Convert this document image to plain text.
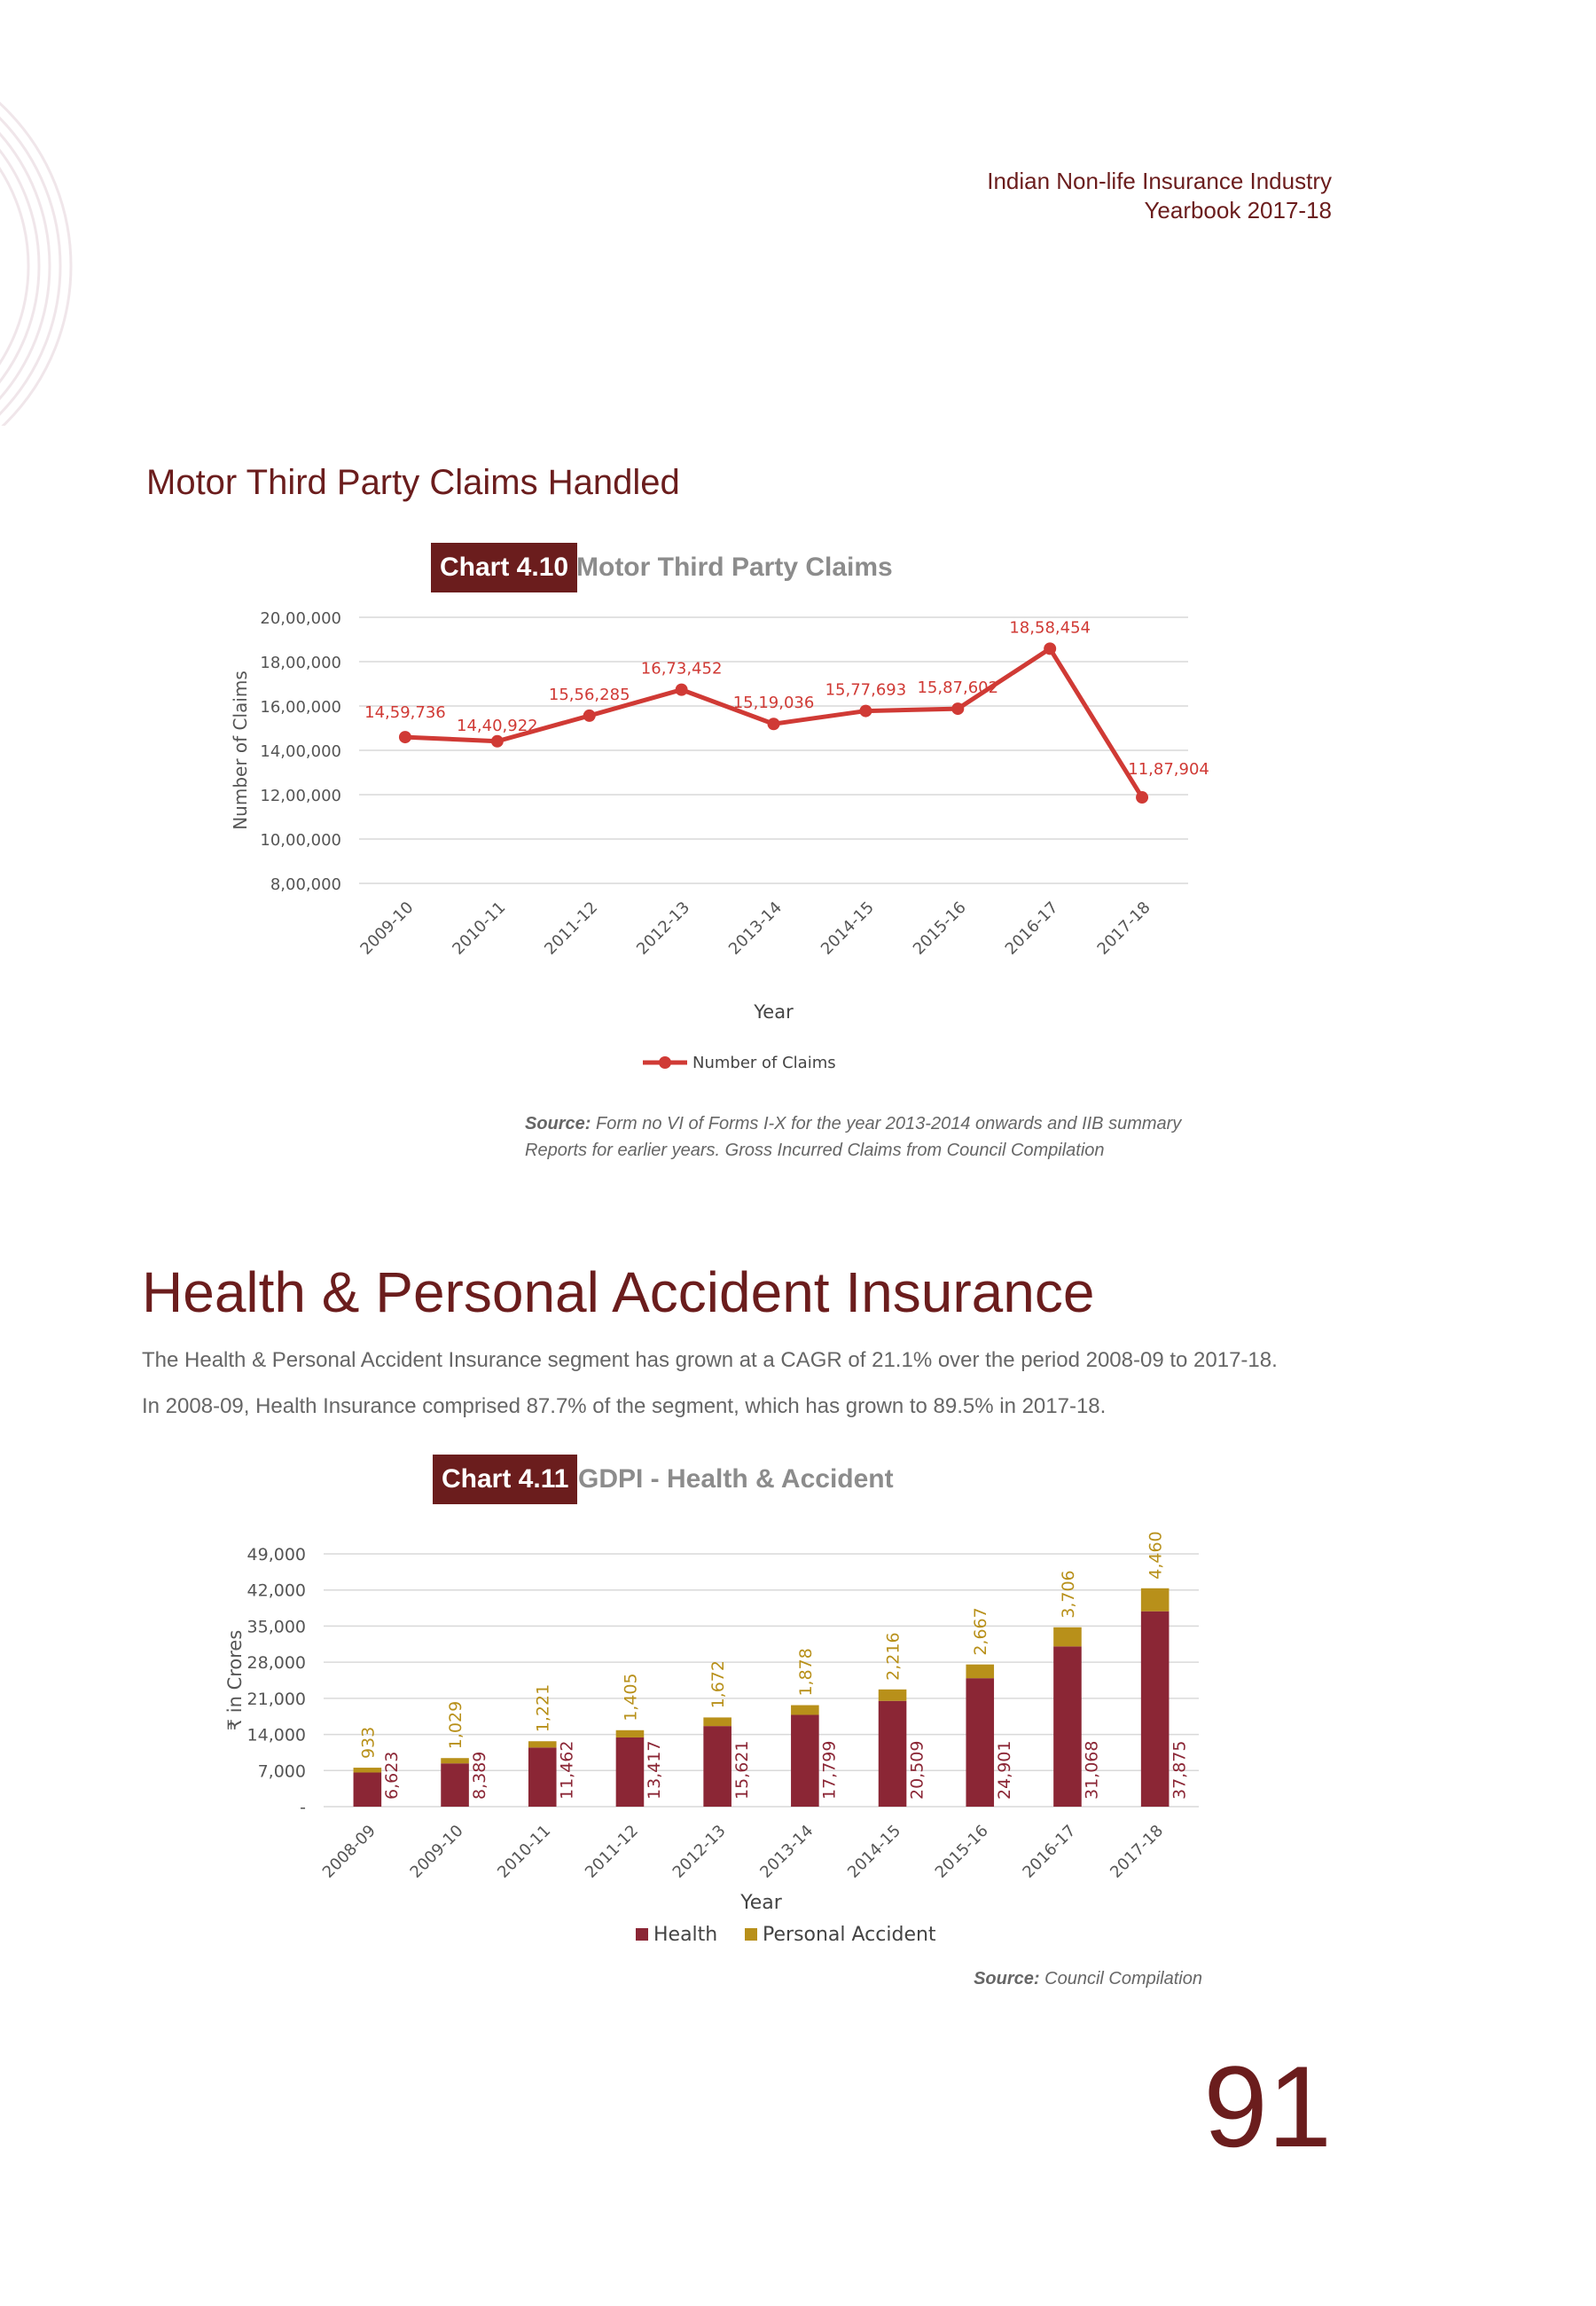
Indian Non-life Insurance Industry
Yearbook 2017-18
Motor Third Party Claims Handled
Chart 4.10 Motor Third Party Claims
8,00,000
10,00,000
12,00,000
14,00,000
16,00,000
18,00,000
20,00,000
Number of Claims
2009-10 2010-11 2011-12 2012-13 2013-14 2014-15 2015-16 2016-17 2017-18
Year
14,59,736
14,40,922
15,56,285
16,73,452
15,19,036
15,77,693 15,87,602
18,58,454
11,87,904
Number of Claims
Source: Form no VI of Forms I-X for the year 2013-2014 onwards and IIB summary
Reports for earlier years. Gross Incurred Claims from Council Compilation
Health & Personal Accident Insurance
The Health & Personal Accident Insurance segment has grown at a CAGR of 21.1% over the period 2008-09 to 2017-18.
In 2008-09, Health Insurance comprised 87.7% of the segment, which has grown to 89.5% in 2017-18.
Chart 4.11 GDPI - Health & Accident
-
7,000
14,000
21,000
28,000
35,000
42,000
49,000
₹ in Crores
6,623
933
2008-09
8,389
1,029
2009-10
11,462
1,221
2010-11
13,417
1,405
2011-12
15,621
1,672
2012-13
17,799
1,878
2013-14
20,509
2,216
2014-15
24,901
2,667
2015-16
31,068
3,706
2016-17
37,875
4,460
2017-18
Year
Health Personal Accident
Source: Council Compilation
91
